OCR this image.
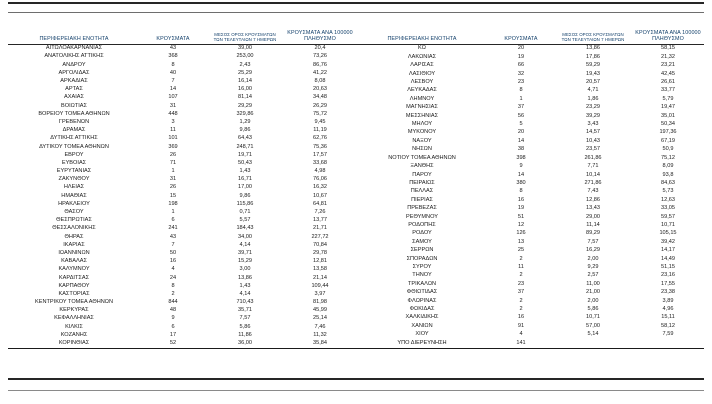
ΠΕΡΙΦΕΡΕΙΑΚΗ ΕΝΟΤΗΤΑ	ΚΡΟΥΣΜΑΤΑ	ΜΕΣΟΣ ΟΡΟΣ ΚΡΟΥΣΜΑΤΩΝ
ΤΩΝ ΤΕΛΕΥΤΑΙΩΝ 7 ΗΜΕΡΩΝ	ΚΡΟΥΣΜΑΤΑ ΑΝΑ 100000
ΠΛΗΘΥΣΜΟ

ΑΙΤΩΛΟΑΚΑΡΝΑΝΙΑΣ	43	39,00	20,4
ΑΝΑΤΟΛΙΚΗΣ ΑΤΤΙΚΗΣ	368	253,00	73,26
ΑΝΔΡΟΥ	8	2,43	86,76
ΑΡΓΟΛΙΔΑΣ	40	25,29	41,22
ΑΡΚΑΔΙΑΣ	7	16,14	8,08
ΑΡΤΑΣ	14	16,00	20,63
ΑΧΑΪΑΣ	107	81,14	34,48
ΒΟΙΩΤΙΑΣ	31	29,29	26,29
ΒΟΡΕΙΟΥ ΤΟΜΕΑ ΑΘΗΝΩΝ	448	329,86	75,72
ΓΡΕΒΕΝΩΝ	3	1,29	9,45
ΔΡΑΜΑΣ	11	9,86	11,19
ΔΥΤΙΚΗΣ ΑΤΤΙΚΗΣ	101	64,43	62,76
ΔΥΤΙΚΟΥ ΤΟΜΕΑ ΑΘΗΝΩΝ	369	248,71	75,36
ΕΒΡΟΥ	26	19,71	17,57
ΕΥΒΟΙΑΣ	71	50,43	33,68
ΕΥΡΥΤΑΝΙΑΣ	1	1,43	4,98
ΖΑΚΥΝΘΟΥ	31	16,71	76,06
ΗΛΕΙΑΣ	26	17,00	16,32
ΗΜΑΘΙΑΣ	15	9,86	10,67
ΗΡΑΚΛΕΙΟΥ	198	115,86	64,81
ΘΑΣΟΥ	1	0,71	7,26
ΘΕΣΠΡΩΤΙΑΣ	6	5,57	13,77
ΘΕΣΣΑΛΟΝΙΚΗΣ	241	184,43	21,71
ΘΗΡΑΣ	43	34,00	227,72
ΙΚΑΡΙΑΣ	7	4,14	70,84
ΙΩΑΝΝΙΝΩΝ	50	39,71	29,78
ΚΑΒΑΛΑΣ	16	15,29	12,81
ΚΑΛΥΜΝΟΥ	4	3,00	13,58
ΚΑΡΔΙΤΣΑΣ	24	13,86	21,14
ΚΑΡΠΑΘΟΥ	8	1,43	109,44
ΚΑΣΤΟΡΙΑΣ	2	4,14	3,97
ΚΕΝΤΡΙΚΟΥ ΤΟΜΕΑ ΑΘΗΝΩΝ	844	710,43	81,98
ΚΕΡΚΥΡΑΣ	48	35,71	45,99
ΚΕΦΑΛΛΗΝΙΑΣ	9	7,57	25,14
ΚΙΛΚΙΣ	6	5,86	7,46
ΚΟΖΑΝΗΣ	17	11,86	11,32
ΚΟΡΙΝΘΙΑΣ	52	36,00	35,84
ΠΕΡΙΦΕΡΕΙΑΚΗ ΕΝΟΤΗΤΑ	ΚΡΟΥΣΜΑΤΑ	ΜΕΣΟΣ ΟΡΟΣ ΚΡΟΥΣΜΑΤΩΝ
ΤΩΝ ΤΕΛΕΥΤΑΙΩΝ 7 ΗΜΕΡΩΝ	ΚΡΟΥΣΜΑΤΑ ΑΝΑ 100000
ΠΛΗΘΥΣΜΟ

ΚΩ	20	13,86	58,15
ΛΑΚΩΝΙΑΣ	19	17,86	21,32
ΛΑΡΙΣΑΣ	66	59,29	23,21
ΛΑΣΙΘΙΟΥ	32	19,43	42,45
ΛΕΣΒΟΥ	23	20,57	26,61
ΛΕΥΚΑΔΑΣ	8	4,71	33,77
ΛΗΜΝΟΥ	1	1,86	5,79
ΜΑΓΝΗΣΙΑΣ	37	23,29	19,47
ΜΕΣΣΗΝΙΑΣ	56	39,29	35,01
ΜΗΛΟΥ	5	3,43	50,34
ΜΥΚΟΝΟΥ	20	14,57	197,36
ΝΑΞΟΥ	14	10,43	67,19
ΝΗΣΩΝ	38	23,57	50,9
ΝΟΤΙΟΥ ΤΟΜΕΑ ΑΘΗΝΩΝ	398	261,86	75,12
ΞΑΝΘΗΣ	9	7,71	8,09
ΠΑΡΟΥ	14	10,14	93,8
ΠΕΙΡΑΙΩΣ	380	271,86	84,63
ΠΕΛΛΑΣ	8	7,43	5,73
ΠΙΕΡΙΑΣ	16	12,86	12,63
ΠΡΕΒΕΖΑΣ	19	13,43	33,05
ΡΕΘΥΜΝΟΥ	51	29,00	59,57
ΡΟΔΟΠΗΣ	12	11,14	10,71
ΡΟΔΟΥ	126	89,29	105,15
ΣΑΜΟΥ	13	7,57	39,42
ΣΕΡΡΩΝ	25	16,29	14,17
ΣΠΟΡΑΔΩΝ	2	2,00	14,49
ΣΥΡΟΥ	11	9,29	51,15
ΤΗΝΟΥ	2	2,57	23,16
ΤΡΙΚΑΛΩΝ	23	11,00	17,55
ΦΘΙΩΤΙΔΑΣ	37	21,00	23,38
ΦΛΩΡΙΝΑΣ	2	2,00	3,89
ΦΩΚΙΔΑΣ	2	5,86	4,96
ΧΑΛΚΙΔΙΚΗΣ	16	10,71	15,11
ΧΑΝΙΩΝ	91	57,00	58,12
ΧΙΟΥ	4	5,14	7,59
ΥΠΟ ΔΙΕΡΕΥΝΗΣΗ	141		
